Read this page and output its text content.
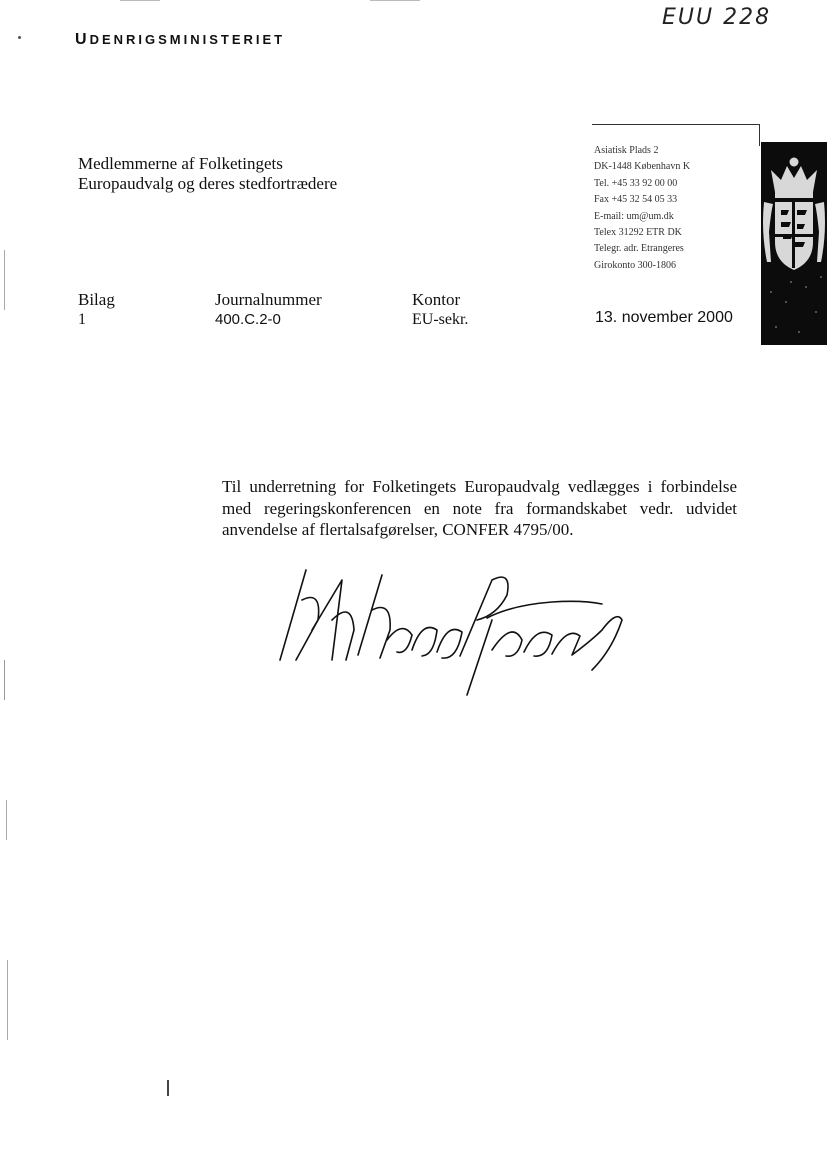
UDENRIGSMINISTERIET
EUU 228
Medlemmerne af Folketingets
Europaudvalg og deres stedfortrædere
Asiatisk Plads 2
DK-1448 København K
Tel. +45 33 92 00 00
Fax +45 32 54 05 33
E-mail: um@um.dk
Telex 31292 ETR DK
Telegr. adr. Etrangeres
Girokonto 300-1806
Bilag
1
Journalnummer
400.C.2-0
Kontor
EU-sekr.	13. november 2000
Til underretning for Folketingets Europaudvalg vedlægges i forbindelse med regeringskonferencen en note fra formandskabet vedr. udvidet anvendelse af flertalsafgørelser, CONFER 4795/00.
